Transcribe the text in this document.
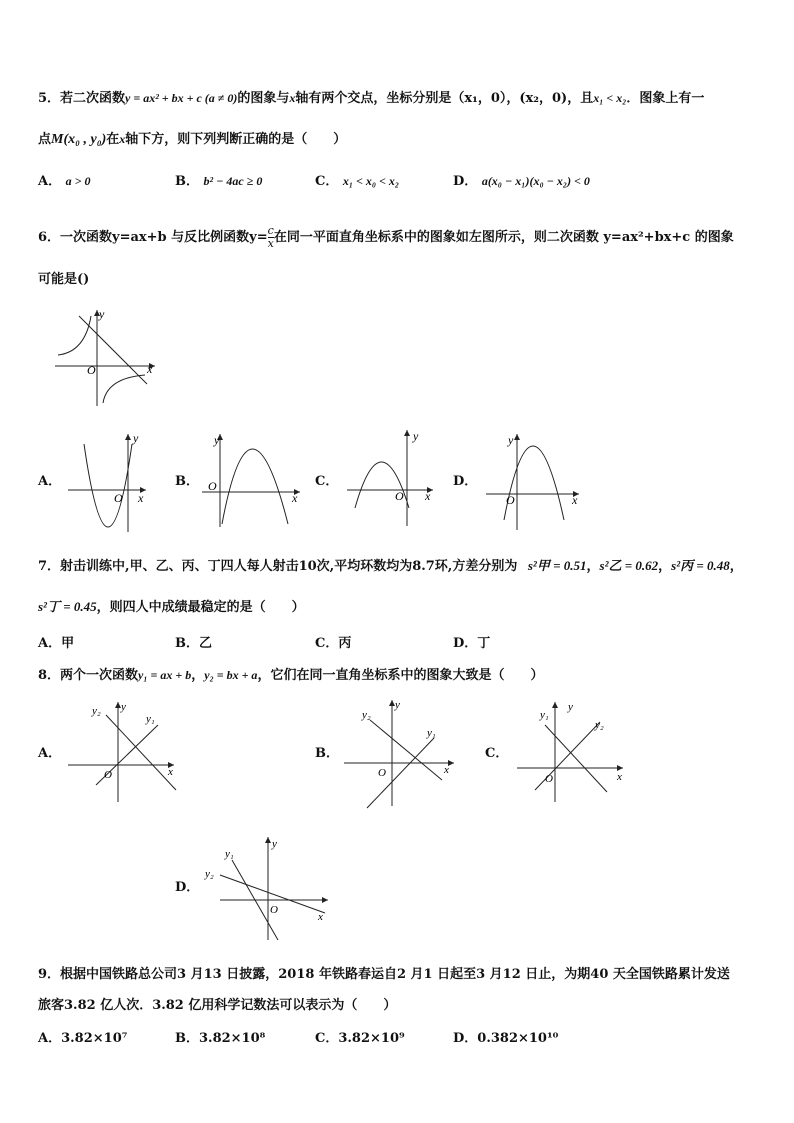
5．若二次函数y = ax² + bx + c (a ≠ 0)的图象与x轴有两个交点，坐标分别是（x₁，0），(x₂，0)，且x₁ < x₂．图象上有一
点M(x₀ , y₀)在x轴下方，则下列判断正确的是（　　）
A． a > 0	B． b² − 4ac ≥ 0	C． x₁ < x₀ < x₂	D． a(x₀ − x₁)(x₀ − x₂) < 0
6．一次函数y=ax+b 与反比例函数$y= \frac{c}{x}$ 在同一平面直角坐标系中的图象如左图所示，则二次函数 y=ax²+bx+c 的图象
可能是()
y
x
O
A．
y
x
O
B．
y
x
O	C．
y
x
O
D．
y
x
O
7．射击训练中,甲、乙、丙、丁四人每人射击10次,平均环数均为8.7环,方差分别为 s²甲 = 0.51，s²乙 = 0.62，s²丙 = 0.48，
s²丁 = 0.45，则四人中成绩最稳定的是（　　）
A．甲	B．乙	C．丙	D．丁
8．两个一次函数y₁ = ax + b，y₂ = bx + a，它们在同一直角坐标系中的图象大致是（　　）
A．
y₂ y
y₁
x
O
B．
y₂
y
y₁
x
O
C．
y₁
y
y₂
x
O
D．
y₁
y₂
y
x
O
9．根据中国铁路总公司3 月13 日披露，2018 年铁路春运自2 月1 日起至3 月12 日止，为期40 天全国铁路累计发送
旅客3.82 亿人次．3.82 亿用科学记数法可以表示为（　　）
A．3.82×10⁷	B．3.82×10⁸	C．3.82×10⁹	D．0.382×10¹⁰
